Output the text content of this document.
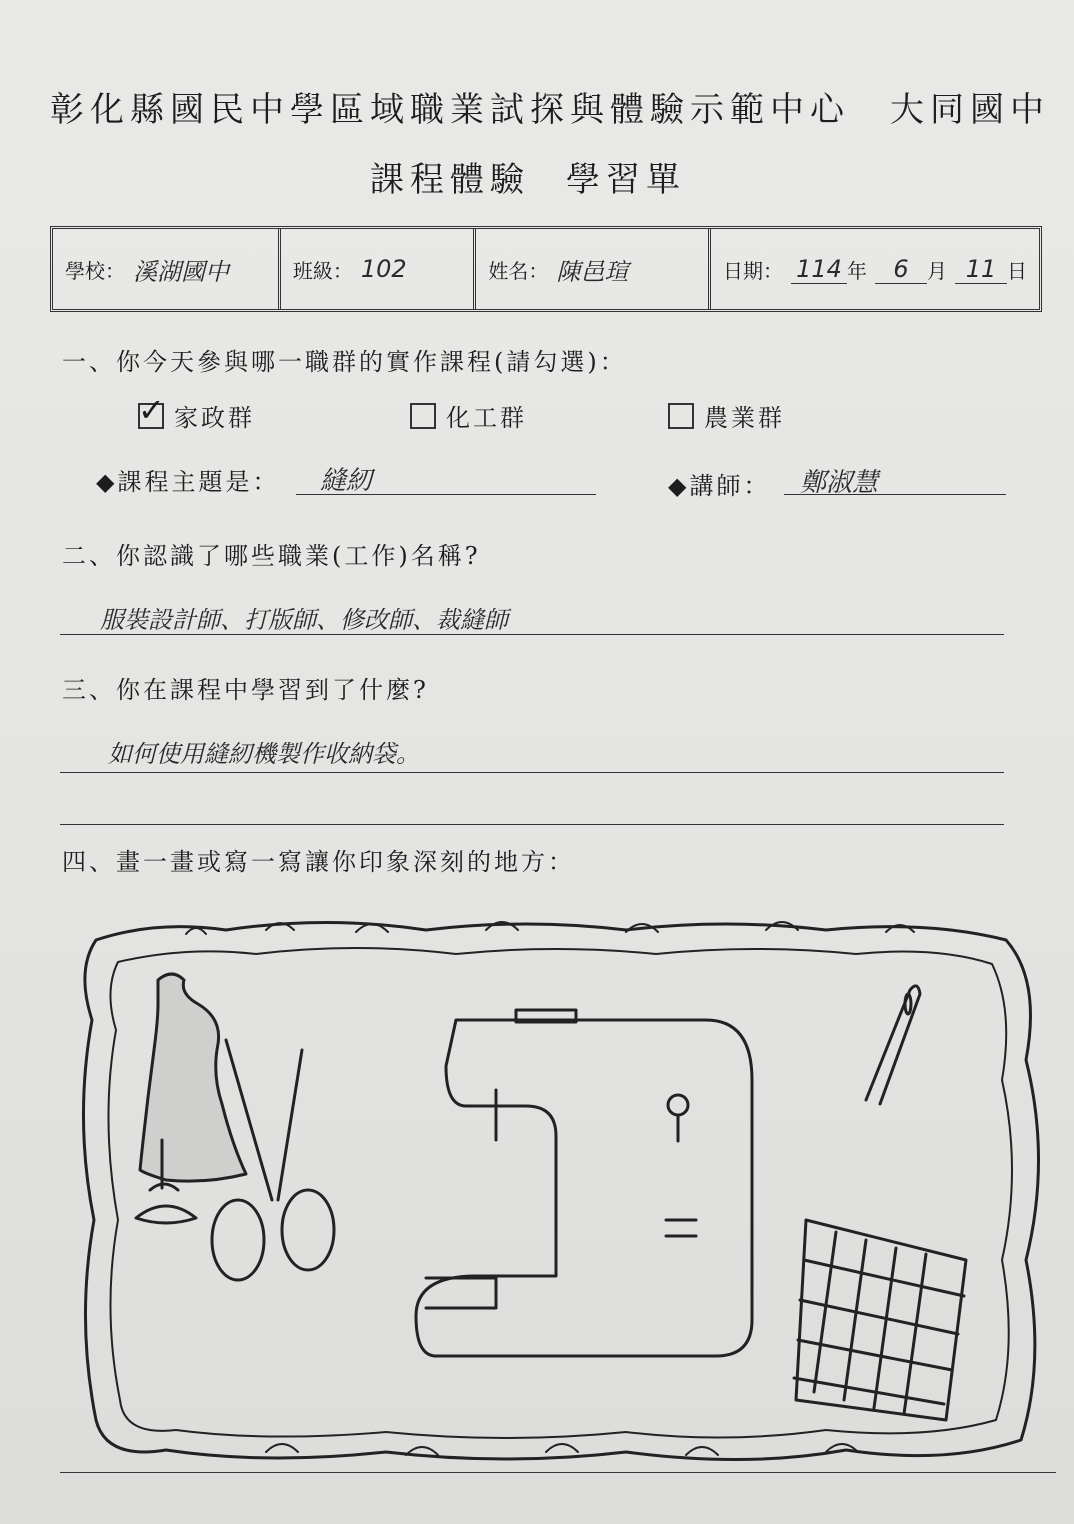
彰化縣國民中學區域職業試探與體驗示範中心 大同國中
課程體驗 學習單
學校： 溪湖國中	班級： 102	姓名： 陳邑瑄	日期： 114 年	6 月 11 日
一、你今天參與哪一職群的實作課程(請勾選)：
✓ 家政群	化工群	農業群
◆課程主題是： 縫紉	◆講師： 鄭淑慧
二、你認識了哪些職業(工作)名稱?
服裝設計師、打版師、修改師、裁縫師
三、你在課程中學習到了什麼?
如何使用縫紉機製作收納袋。
四、畫一畫或寫一寫讓你印象深刻的地方：
